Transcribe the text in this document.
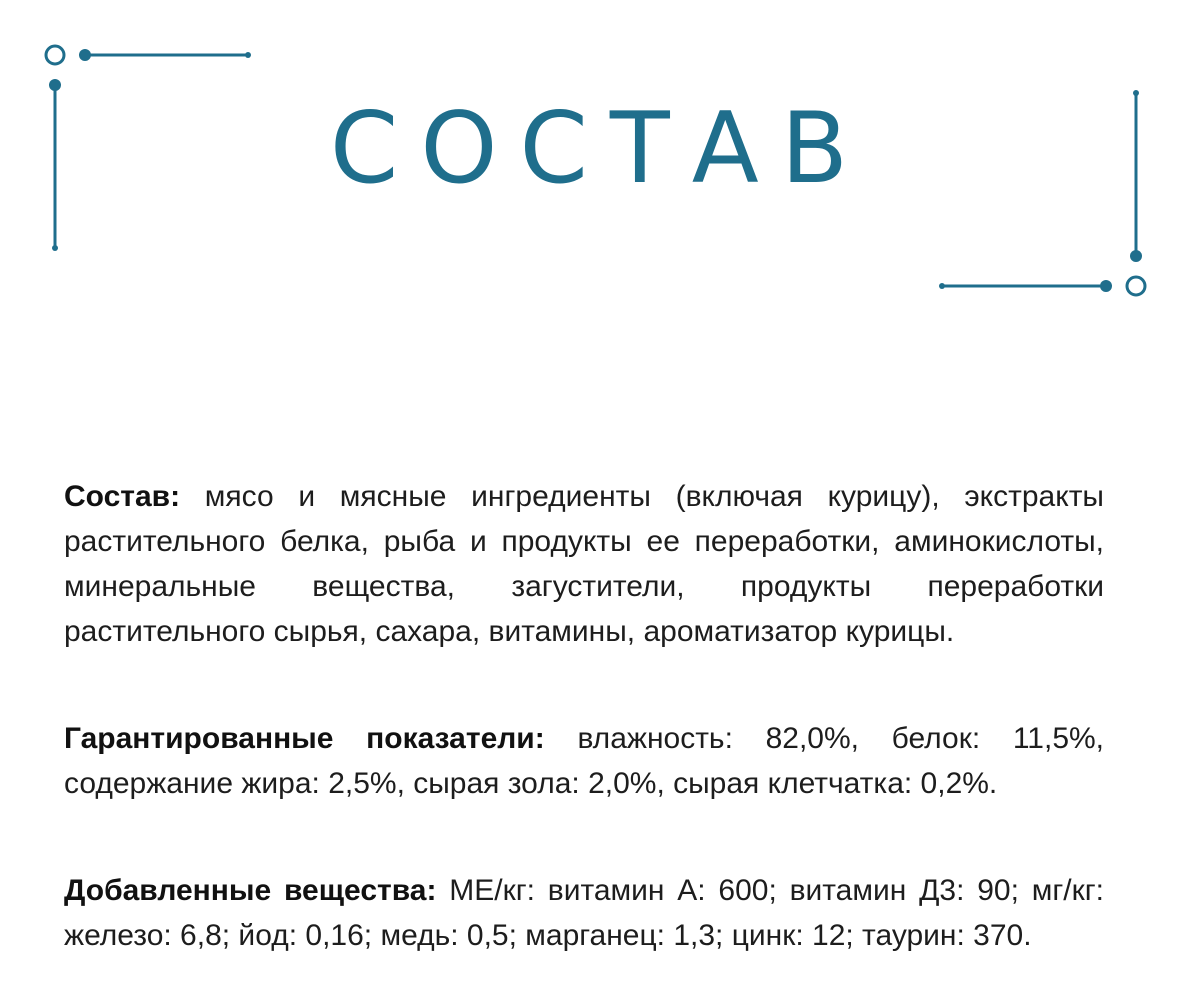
СОСТАВ

Состав: мясо и мясные ингредиенты (включая курицу), экстракты растительного белка, рыба и продукты ее переработки, аминокислоты, минеральные вещества, загустители, продукты переработки растительного сырья, сахара, витамины, ароматизатор курицы.

Гарантированные показатели: влажность: 82,0%, белок: 11,5%, содержание жира: 2,5%, сырая зола: 2,0%, сырая клетчатка: 0,2%.

Добавленные вещества: МЕ/кг: витамин А: 600; витамин Д3: 90; мг/кг: железо: 6,8; йод: 0,16; медь: 0,5; марганец: 1,3; цинк: 12; таурин: 370.
